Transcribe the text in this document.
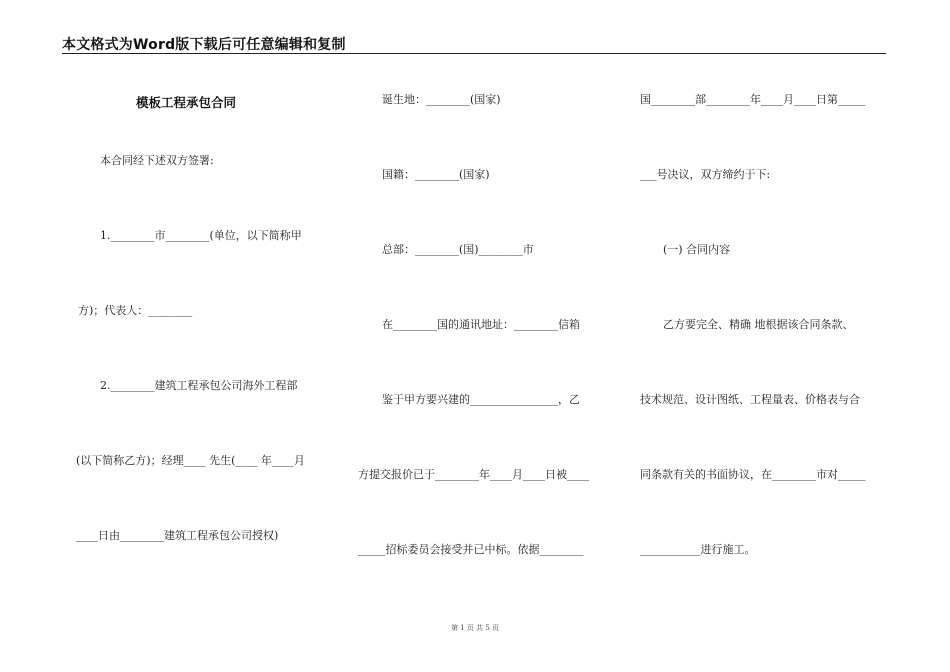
本文格式为Word版下载后可任意编辑和复制
模板工程承包合同
本合同经下述双方签署:
1.________市________(单位，以下简称甲
方)；代表人：________
2.________建筑工程承包公司海外工程部
(以下简称乙方)；经理____ 先生(____ 年____月
____日由________建筑工程承包公司授权)
诞生地：________(国家)
国籍：________(国家)
总部：________(国)________市
在________国的通讯地址：________信箱
鉴于甲方要兴建的________________，乙
方提交报价已于________年____月____日被____
_____招标委员会接受并已中标。依据________
国________部________年____月____日第_____
___号决议，双方缔约于下:
(一) 合同内容
乙方要完全、精确 地根据该合同条款、
技术规范、设计图纸、工程量表、价格表与合
同条款有关的书面协议，在________市对_____
___________进行施工。
第 1 页 共 5 页
